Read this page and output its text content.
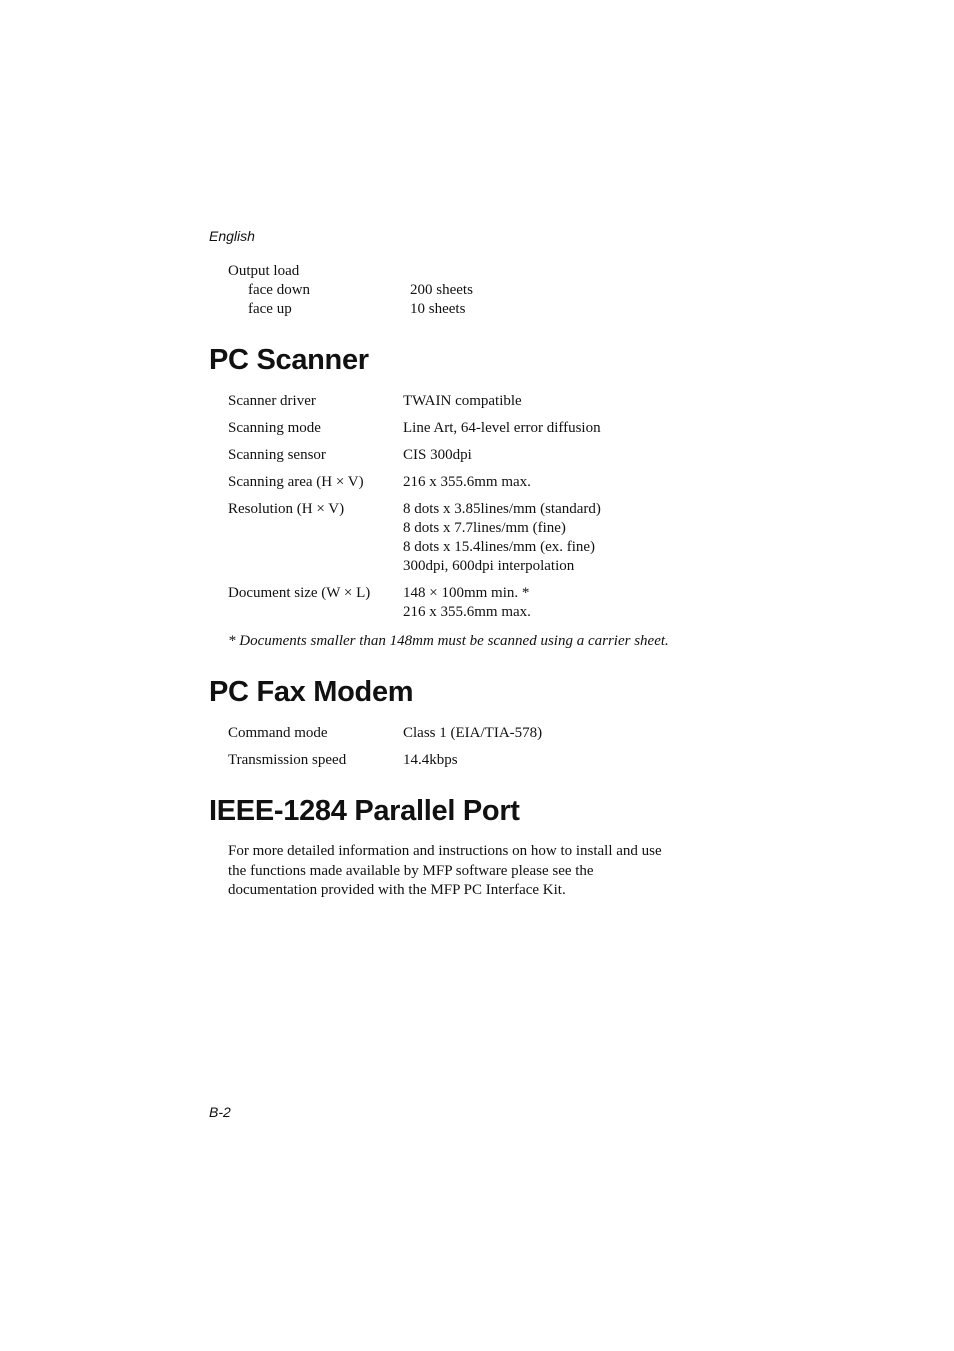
English
Output load
face down	200 sheets
face up	10 sheets
PC Scanner
Scanner driver	TWAIN compatible
Scanning mode	Line Art, 64-level error diffusion
Scanning sensor	CIS 300dpi
Scanning area (H × V)	216 x 355.6mm max.
Resolution (H × V)	8 dots x 3.85lines/mm (standard)
8 dots x 7.7lines/mm (fine)
8 dots x 15.4lines/mm (ex. fine)
300dpi, 600dpi interpolation
Document size (W × L)	148 × 100mm min. *
216 x 355.6mm max.
* Documents smaller than 148mm must be scanned using a carrier sheet.
PC Fax Modem
Command mode	Class 1 (EIA/TIA-578)
Transmission speed	14.4kbps
IEEE-1284 Parallel Port
For more detailed information and instructions on how to install and use
the functions made available by MFP software please see the
documentation provided with the MFP PC Interface Kit.
B-2
